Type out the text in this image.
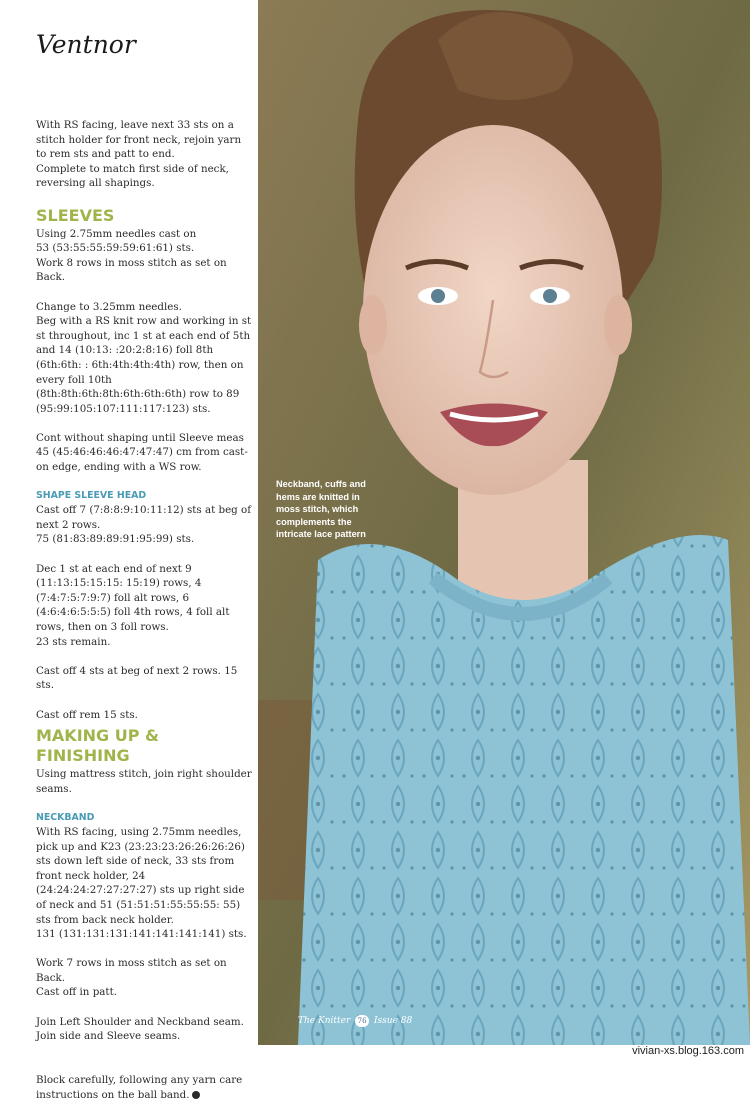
Ventnor

With RS facing, leave next 33 sts on a stitch holder for front neck, rejoin yarn to rem sts and patt to end.

Complete to match first side of neck, reversing all shapings.

SLEEVES
Using 2.75mm needles cast on
53 (53:55:55:59:59:61:61) sts.

Work 8 rows in moss stitch as set on Back.

Change to 3.25mm needles.

Beg with a RS knit row and working in st st throughout, inc 1 st at each end of 5th and 14 (10:13: :20:2:8:16) foll 8th (6th:6th: : 6th:4th:4th:4th) row, then on every foll 10th (8th:8th:6th:8th:6th:6th:6th) row to 89 (95:99:105:107:111:117:123) sts.

Cont without shaping until Sleeve meas 45 (45:46:46:46:47:47:47) cm from cast-on edge, ending with a WS row.

SHAPE SLEEVE HEAD
Cast off 7 (7:8:8:9:10:11:12) sts at beg of next 2 rows.

75 (81:83:89:89:91:95:99) sts.

Dec 1 st at each end of next 9 (11:13:15:15:15: 15:19) rows, 4 (7:4:7:5:7:9:7) foll alt rows, 6 (4:6:4:6:5:5:5) foll 4th rows, 4 foll alt rows, then on 3 foll rows.

23 sts remain.

Cast off 4 sts at beg of next 2 rows. 15 sts.

Cast off rem 15 sts.

MAKING UP & FINISHING

Using mattress stitch, join right shoulder seams.

NECKBAND
With RS facing, using 2.75mm needles, pick up and K23 (23:23:23:26:26:26:26) sts down left side of neck, 33 sts from front neck holder, 24 (24:24:24:27:27:27:27) sts up right side of neck and 51 (51:51:51:55:55:55: 55) sts from back neck holder.

131 (131:131:131:141:141:141:141) sts.

Work 7 rows in moss stitch as set on Back.

Cast off in patt.

Join Left Shoulder and Neckband seam.
Join side and Sleeve seams.

Block carefully, following any yarn care instructions on the ball band.
Neckband, cuffs and hems are knitted in moss stitch, which complements the intricate lace pattern
The Knitter 76 Issue 88
vivian-xs.blog.163.com
